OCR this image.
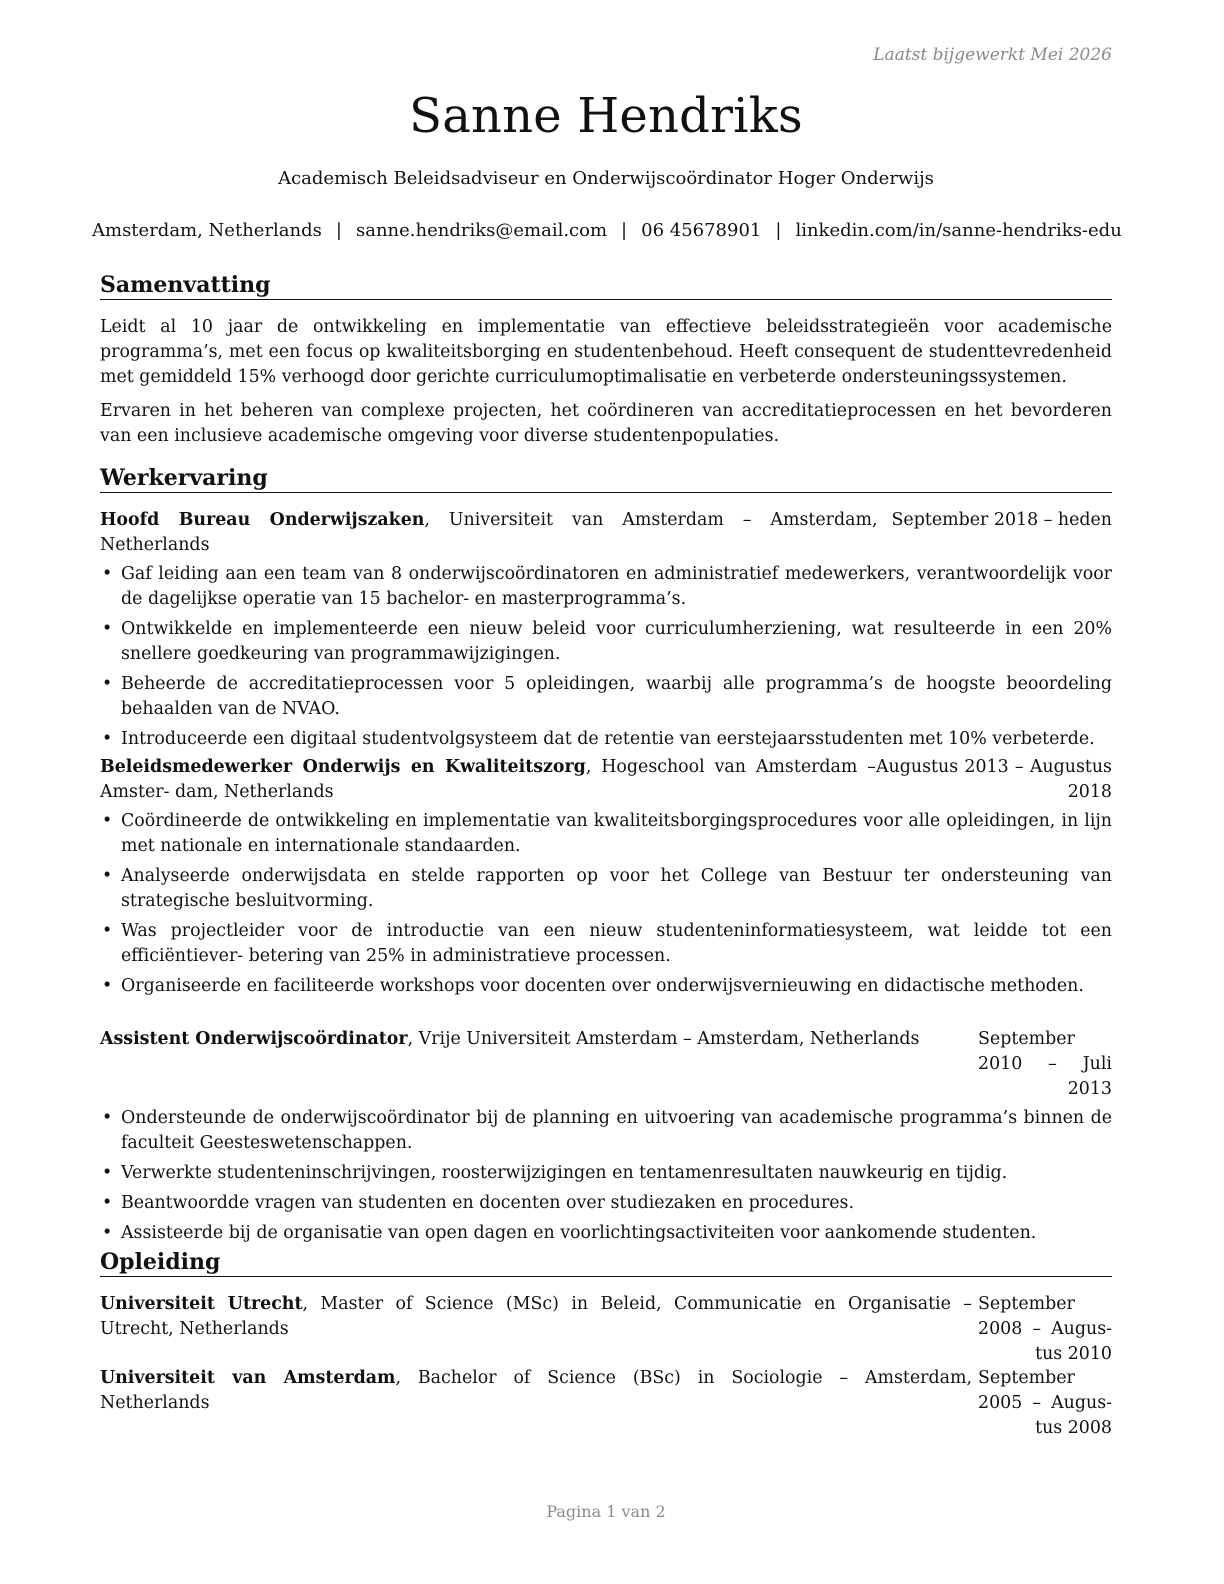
Laatst bijgewerkt Mei 2026
Sanne Hendriks
Academisch Beleidsadviseur en Onderwijscoördinator Hoger Onderwijs
Amsterdam, Netherlands | sanne.hendriks@email.com | 06 45678901 | linkedin.com/in/sanne-hendriks-edu
Samenvatting
Leidt al 10 jaar de ontwikkeling en implementatie van effectieve beleidsstrategieën voor academische programma’s, met een focus op kwaliteitsborging en studentenbehoud. Heeft consequent de studenttevredenheid met gemiddeld 15% verhoogd door gerichte curriculumoptimalisatie en verbeterde ondersteuningssystemen.
Ervaren in het beheren van complexe projecten, het coördineren van accreditatieprocessen en het bevorderen van een inclusieve academische omgeving voor diverse studentenpopulaties.
Werkervaring
Hoofd Bureau Onderwijszaken, Universiteit van Amsterdam – Amsterdam, Netherlands
September 2018 – heden
• Gaf leiding aan een team van 8 onderwijscoördinatoren en administratief medewerkers, verantwoordelijk voor de dagelijkse operatie van 15 bachelor- en masterprogramma’s.
• Ontwikkelde en implementeerde een nieuw beleid voor curriculumherziening, wat resulteerde in een 20% snellere goedkeuring van programmawijzigingen.
• Beheerde de accreditatieprocessen voor 5 opleidingen, waarbij alle programma’s de hoogste beoordeling behaalden van de NVAO.
• Introduceerde een digitaal studentvolgsysteem dat de retentie van eerstejaarsstudenten met 10% verbeterde.
Beleidsmedewerker Onderwijs en Kwaliteitszorg, Hogeschool van Amsterdam – Amster- dam, Netherlands
Augustus 2013 – Augustus 2018
• Coördineerde de ontwikkeling en implementatie van kwaliteitsborgingsprocedures voor alle opleidingen, in lijn met nationale en internationale standaarden.
• Analyseerde onderwijsdata en stelde rapporten op voor het College van Bestuur ter ondersteuning van strategische besluitvorming.
• Was projectleider voor de introductie van een nieuw studenteninformatiesysteem, wat leidde tot een efficiëntiever- betering van 25% in administratieve processen.
• Organiseerde en faciliteerde workshops voor docenten over onderwijsvernieuwing en didactische methoden.
Assistent Onderwijscoördinator, Vrije Universiteit Amsterdam – Amsterdam, Netherlands	September 2010 – Juli 2013
• Ondersteunde de onderwijscoördinator bij de planning en uitvoering van academische programma’s binnen de faculteit Geesteswetenschappen.
• Verwerkte studenteninschrijvingen, roosterwijzigingen en tentamenresultaten nauwkeurig en tijdig.
• Beantwoordde vragen van studenten en docenten over studiezaken en procedures.
• Assisteerde bij de organisatie van open dagen en voorlichtingsactiviteiten voor aankomende studenten.
Opleiding
Universiteit Utrecht, Master of Science (MSc) in Beleid, Communicatie en Organisatie – Utrecht, Netherlands
September 2008 – Augus- tus 2010
Universiteit van Amsterdam, Bachelor of Science (BSc) in Sociologie – Amsterdam, Netherlands
September 2005 – Augus- tus 2008
Pagina 1 van 2
